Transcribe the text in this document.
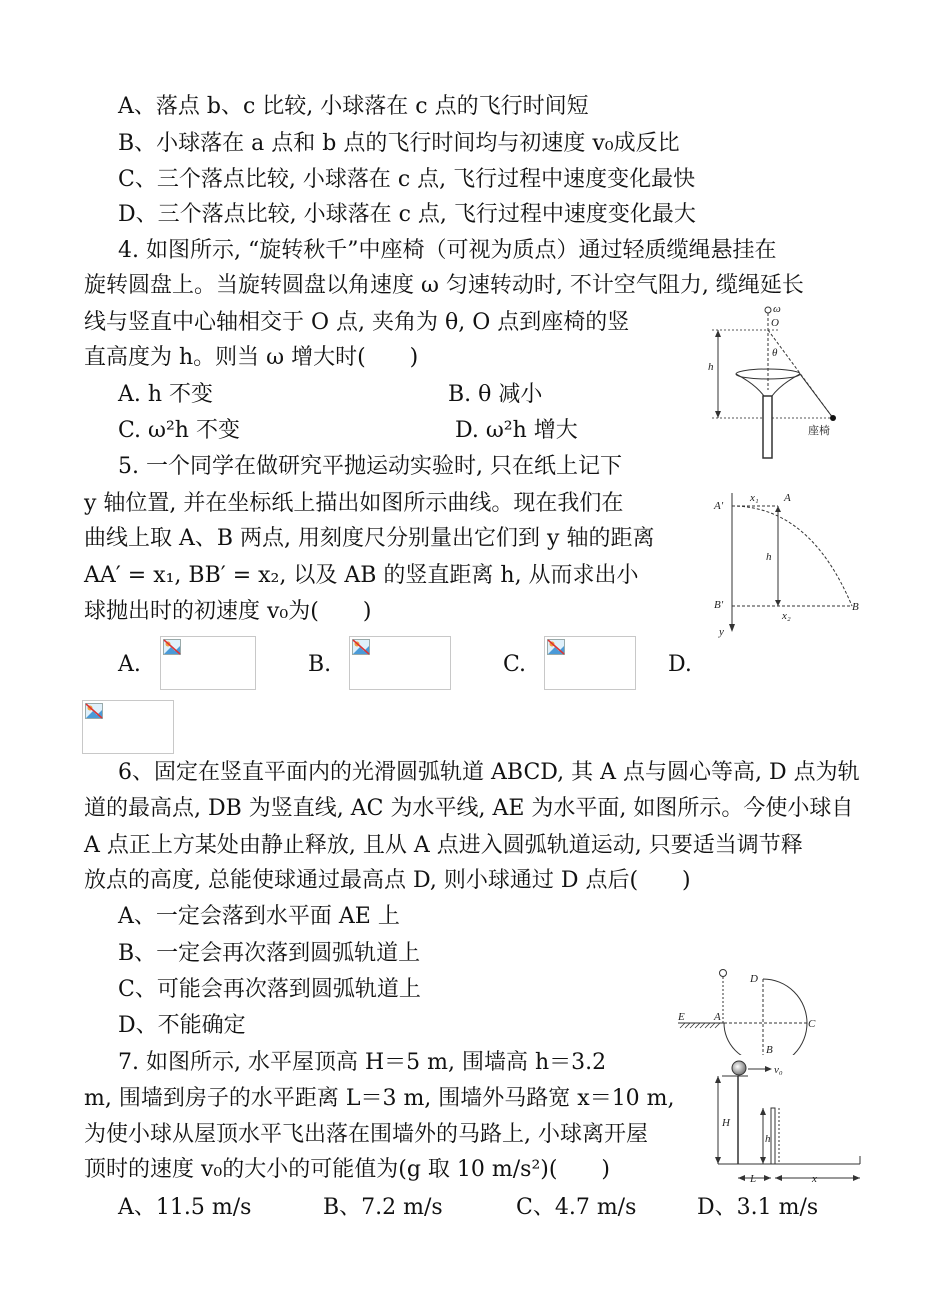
A、落点 b、c 比较, 小球落在 c 点的飞行时间短
B、小球落在 a 点和 b 点的飞行时间均与初速度 v₀成反比
C、三个落点比较, 小球落在 c 点, 飞行过程中速度变化最快
D、三个落点比较, 小球落在 c 点, 飞行过程中速度变化最大
4. 如图所示, “旋转秋千”中座椅（可视为质点）通过轻质缆绳悬挂在
旋转圆盘上。当旋转圆盘以角速度 ω 匀速转动时, 不计空气阻力, 缆绳延长
线与竖直中心轴相交于 O 点, 夹角为 θ, O 点到座椅的竖
直高度为 h。则当 ω 增大时(　　)
A. h 不变	B. θ 减小
C. ω²h 不变	D. ω²h 增大
ω
O
θ
h
座椅
5. 一个同学在做研究平抛运动实验时, 只在纸上记下
y 轴位置, 并在坐标纸上描出如图所示曲线。现在我们在
曲线上取 A、B 两点, 用刻度尺分别量出它们到 y 轴的距离
AA′ = x₁, BB′ = x₂, 以及 AB 的竖直距离 h, 从而求出小
球抛出时的初速度 v₀为(　　)
y
A′
x₁ A
h
B′
x₂
B
A.	B.	C.	D.
6、固定在竖直平面内的光滑圆弧轨道 ABCD, 其 A 点与圆心等高, D 点为轨
道的最高点, DB 为竖直线, AC 为水平线, AE 为水平面, 如图所示。今使小球自
A 点正上方某处由静止释放, 且从 A 点进入圆弧轨道运动, 只要适当调节释
放点的高度, 总能使球通过最高点 D, 则小球通过 D 点后(　　)
A、一定会落到水平面 AE 上
B、一定会再次落到圆弧轨道上
C、可能会再次落到圆弧轨道上
D、不能确定	E	A
D
C
B
7. 如图所示, 水平屋顶高 H＝5 m, 围墙高 h＝3.2
m, 围墙到房子的水平距离 L＝3 m, 围墙外马路宽 x＝10 m,
为使小球从屋顶水平飞出落在围墙外的马路上, 小球离开屋
顶时的速度 v₀的大小的可能值为(g 取 10 m/s²)(　　)
A、11.5 m/s	B、7.2 m/s	C、4.7 m/s	D、3.1 m/s
v₀
H
h
L	x
